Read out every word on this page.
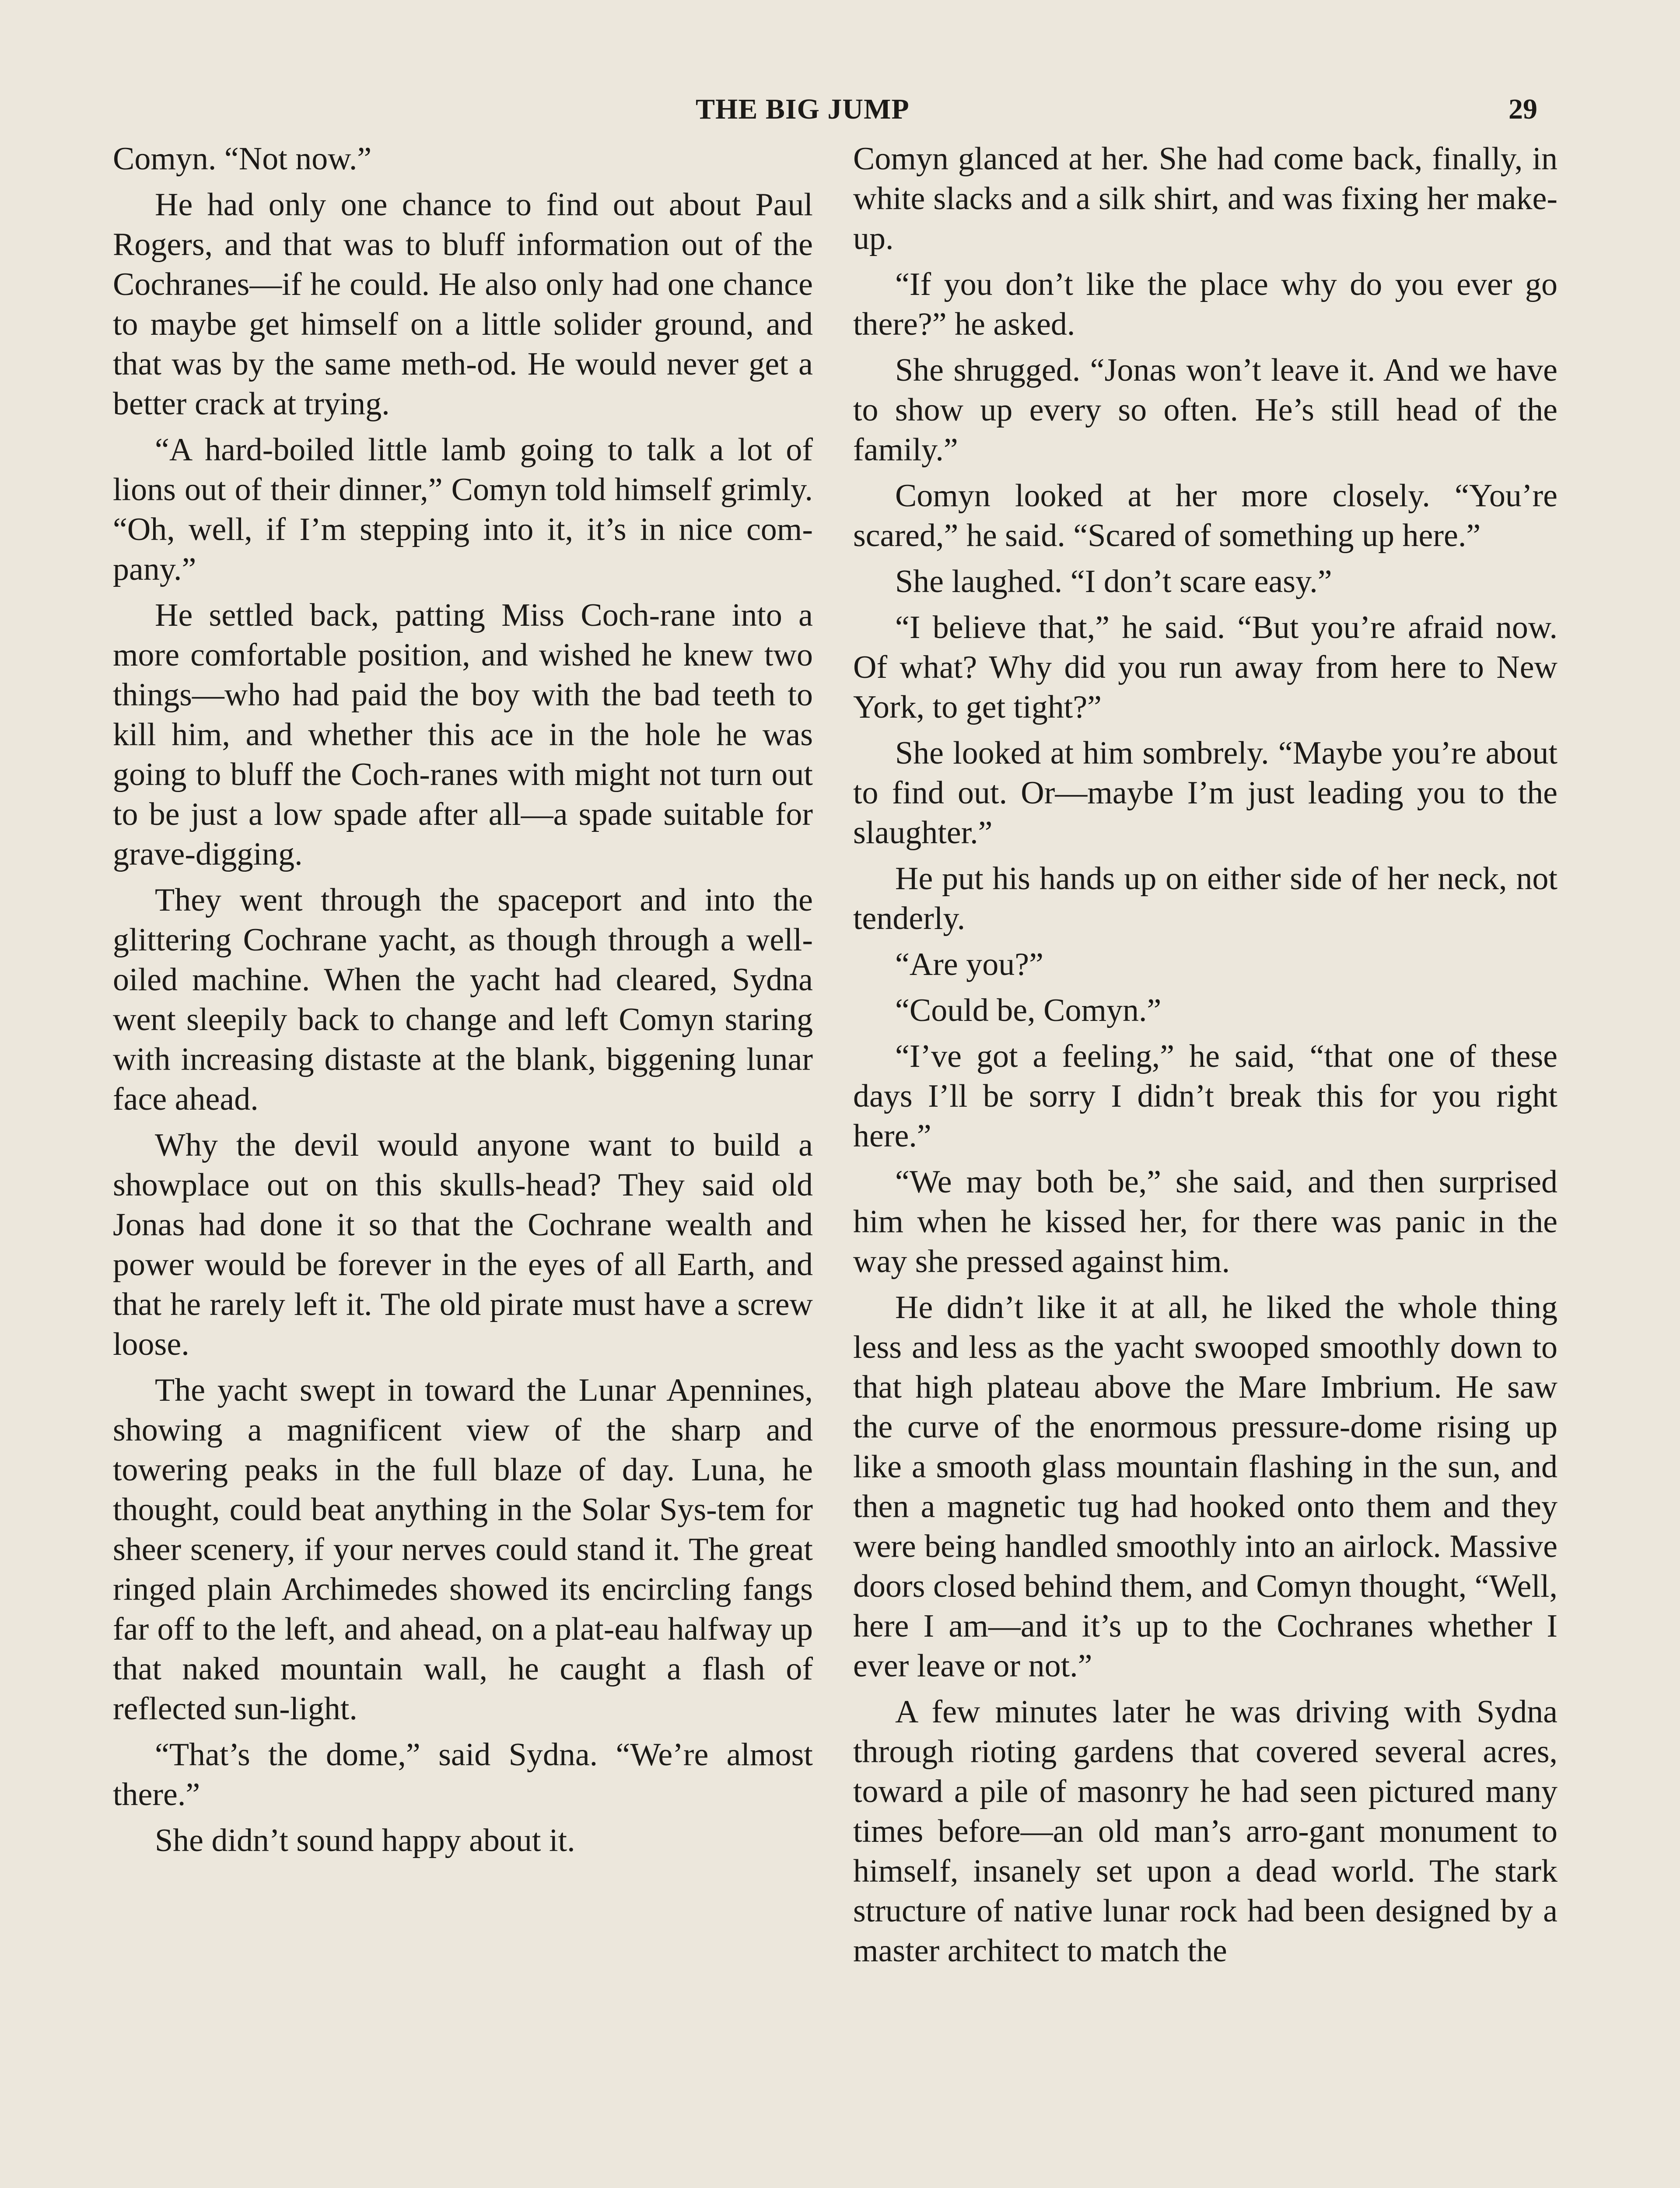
THE BIG JUMP	29

Comyn. “Not now.”

He had only one chance to find out about Paul Rogers, and that was to bluff information out of the Cochranes—if he could. He also only had one chance to maybe get himself on a little solider ground, and that was by the same meth-od. He would never get a better crack at trying.

“A hard-boiled little lamb going to talk a lot of lions out of their dinner,” Comyn told himself grimly. “Oh, well, if I’m stepping into it, it’s in nice com-pany.”

He settled back, patting Miss Coch-rane into a more comfortable position, and wished he knew two things—who had paid the boy with the bad teeth to kill him, and whether this ace in the hole he was going to bluff the Coch-ranes with might not turn out to be just a low spade after all—a spade suitable for grave-digging.

They went through the spaceport and into the glittering Cochrane yacht, as though through a well-oiled machine. When the yacht had cleared, Sydna went sleepily back to change and left Comyn staring with increasing distaste at the blank, biggening lunar face ahead.

Why the devil would anyone want to build a showplace out on this skulls-head? They said old Jonas had done it so that the Cochrane wealth and power would be forever in the eyes of all Earth, and that he rarely left it. The old pirate must have a screw loose.

The yacht swept in toward the Lunar Apennines, showing a magnificent view of the sharp and towering peaks in the full blaze of day. Luna, he thought, could beat anything in the Solar Sys-tem for sheer scenery, if your nerves could stand it. The great ringed plain Archimedes showed its encircling fangs far off to the left, and ahead, on a plat-eau halfway up that naked mountain wall, he caught a flash of reflected sun-light.

“That’s the dome,” said Sydna. “We’re almost there.”

She didn’t sound happy about it.

Comyn glanced at her. She had come back, finally, in white slacks and a silk shirt, and was fixing her make-up.

“If you don’t like the place why do you ever go there?” he asked.

She shrugged. “Jonas won’t leave it. And we have to show up every so often. He’s still head of the family.”

Comyn looked at her more closely. “You’re scared,” he said. “Scared of something up here.”

She laughed. “I don’t scare easy.”

“I believe that,” he said. “But you’re afraid now. Of what? Why did you run away from here to New York, to get tight?”

She looked at him sombrely. “Maybe you’re about to find out. Or—maybe I’m just leading you to the slaughter.”

He put his hands up on either side of her neck, not tenderly.

“Are you?”

“Could be, Comyn.”

“I’ve got a feeling,” he said, “that one of these days I’ll be sorry I didn’t break this for you right here.”

“We may both be,” she said, and then surprised him when he kissed her, for there was panic in the way she pressed against him.

He didn’t like it at all, he liked the whole thing less and less as the yacht swooped smoothly down to that high plateau above the Mare Imbrium. He saw the curve of the enormous pressure-dome rising up like a smooth glass mountain flashing in the sun, and then a magnetic tug had hooked onto them and they were being handled smoothly into an airlock. Massive doors closed behind them, and Comyn thought, “Well, here I am—and it’s up to the Cochranes whether I ever leave or not.”

A few minutes later he was driving with Sydna through rioting gardens that covered several acres, toward a pile of masonry he had seen pictured many times before—an old man’s arro-gant monument to himself, insanely set upon a dead world. The stark structure of native lunar rock had been designed by a master architect to match the
